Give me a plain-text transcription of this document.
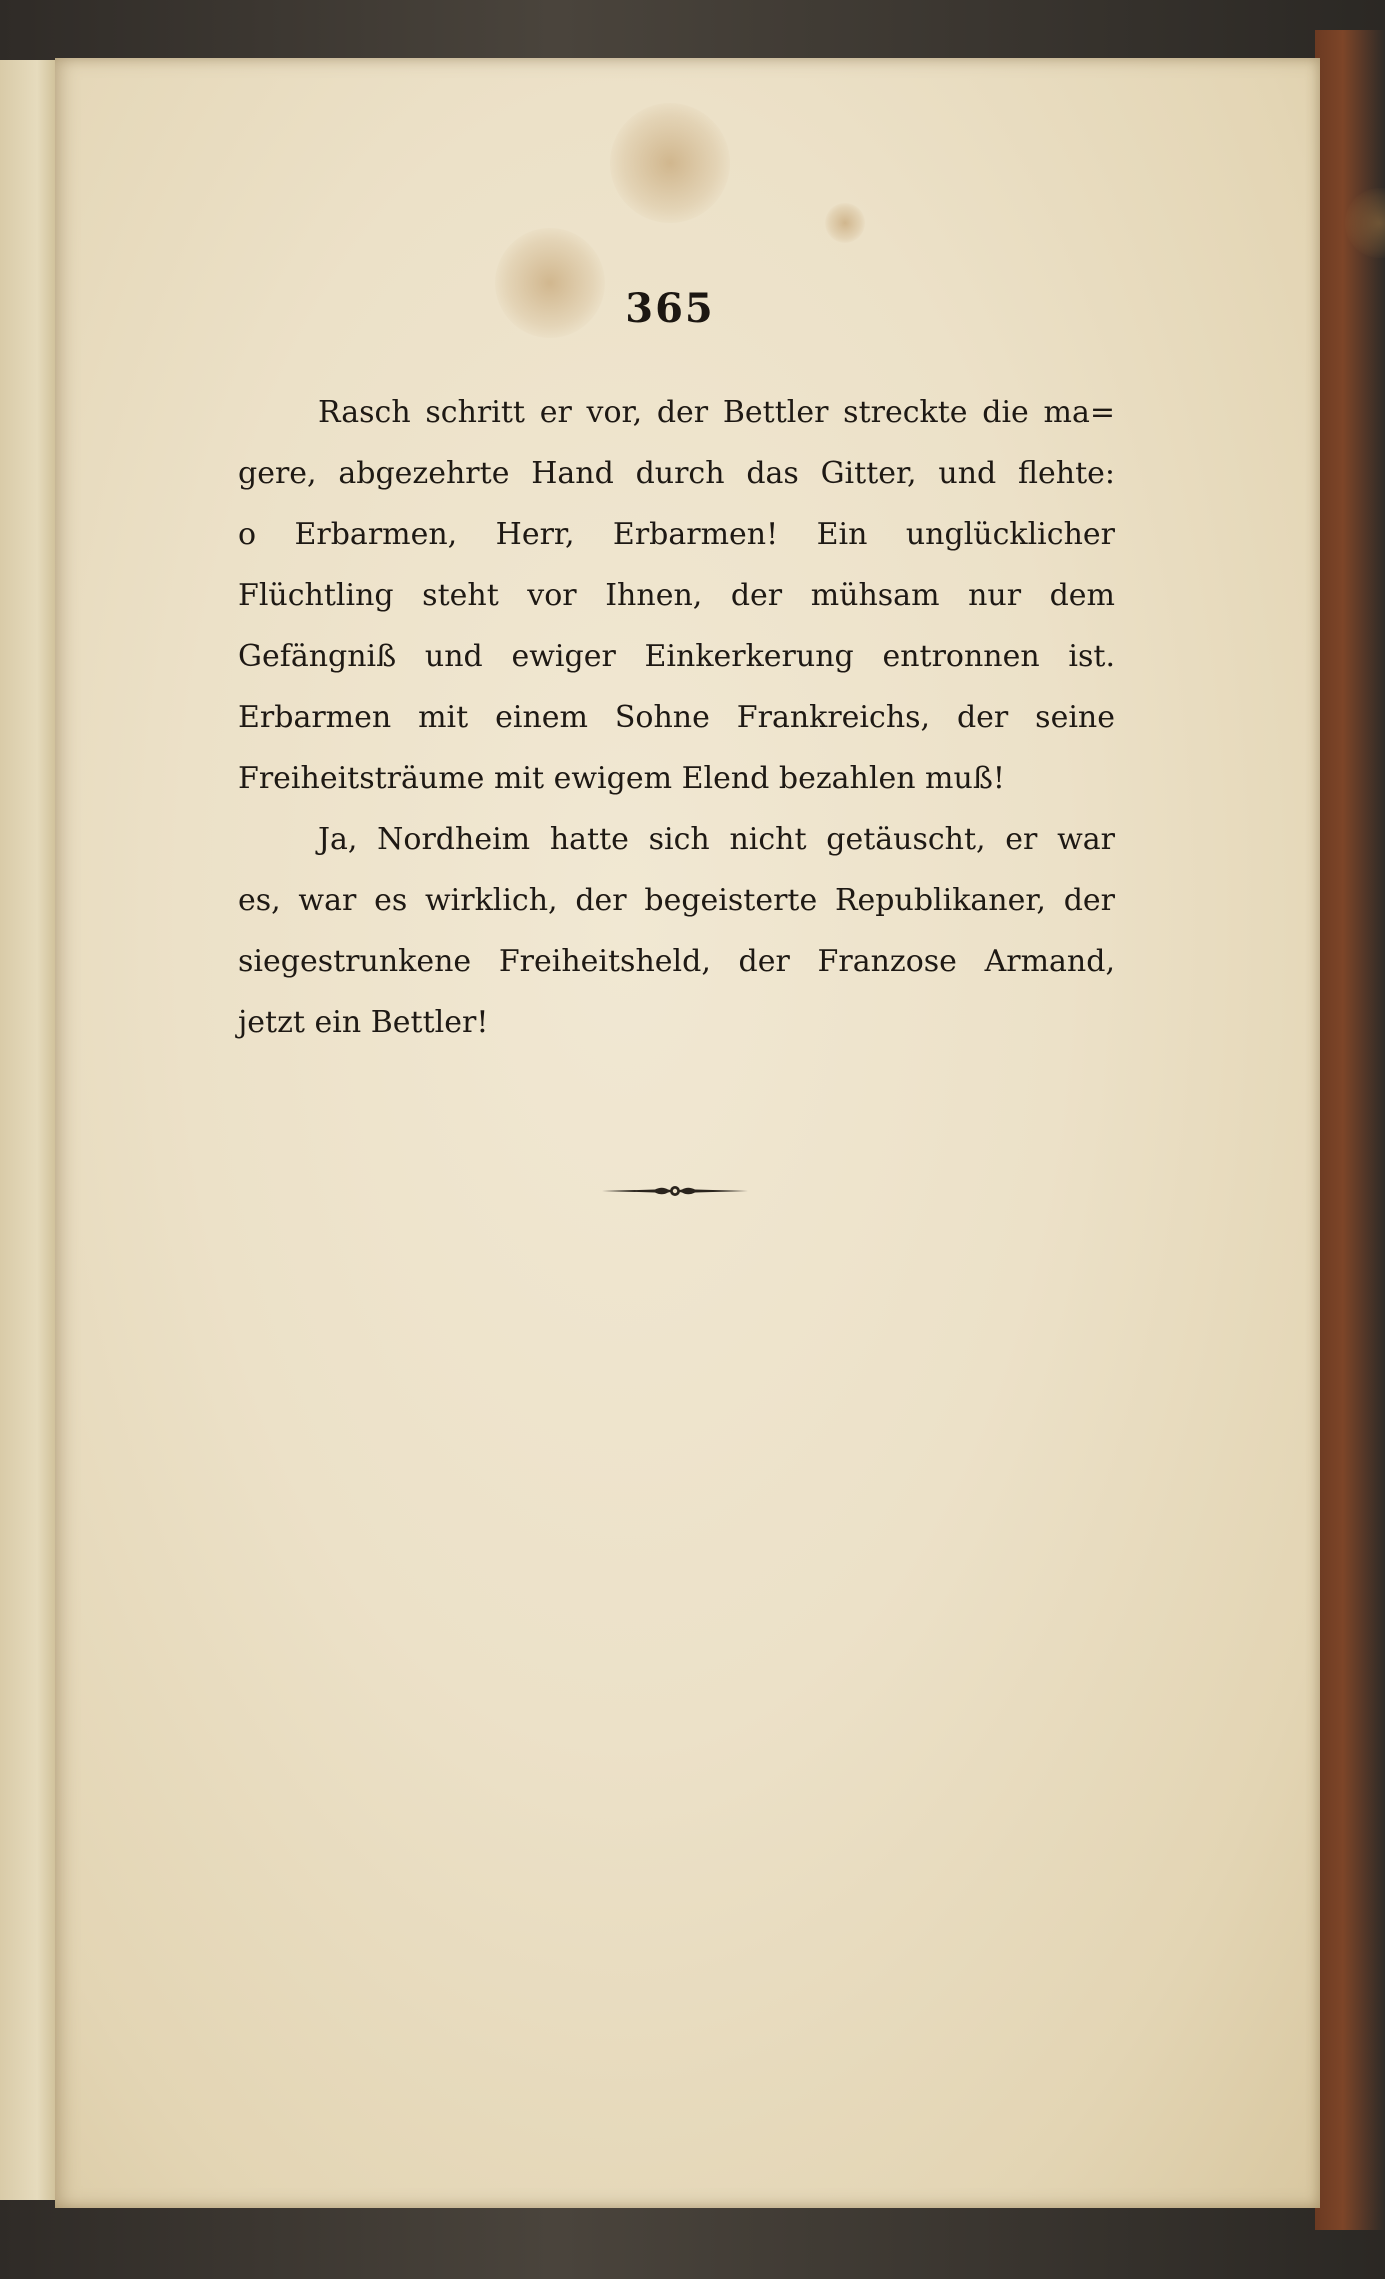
365
Rasch schritt er vor, der Bettler streckte die ma=
gere, abgezehrte Hand durch das Gitter, und flehte:
o Erbarmen, Herr, Erbarmen! Ein unglücklicher
Flüchtling steht vor Ihnen, der mühsam nur dem
Gefängniß und ewiger Einkerkerung entronnen ist.
Erbarmen mit einem Sohne Frankreichs, der seine
Freiheitsträume mit ewigem Elend bezahlen muß!
Ja, Nordheim hatte sich nicht getäuscht, er war
es, war es wirklich, der begeisterte Republikaner, der
siegestrunkene Freiheitsheld, der Franzose Armand,
jetzt ein Bettler!
